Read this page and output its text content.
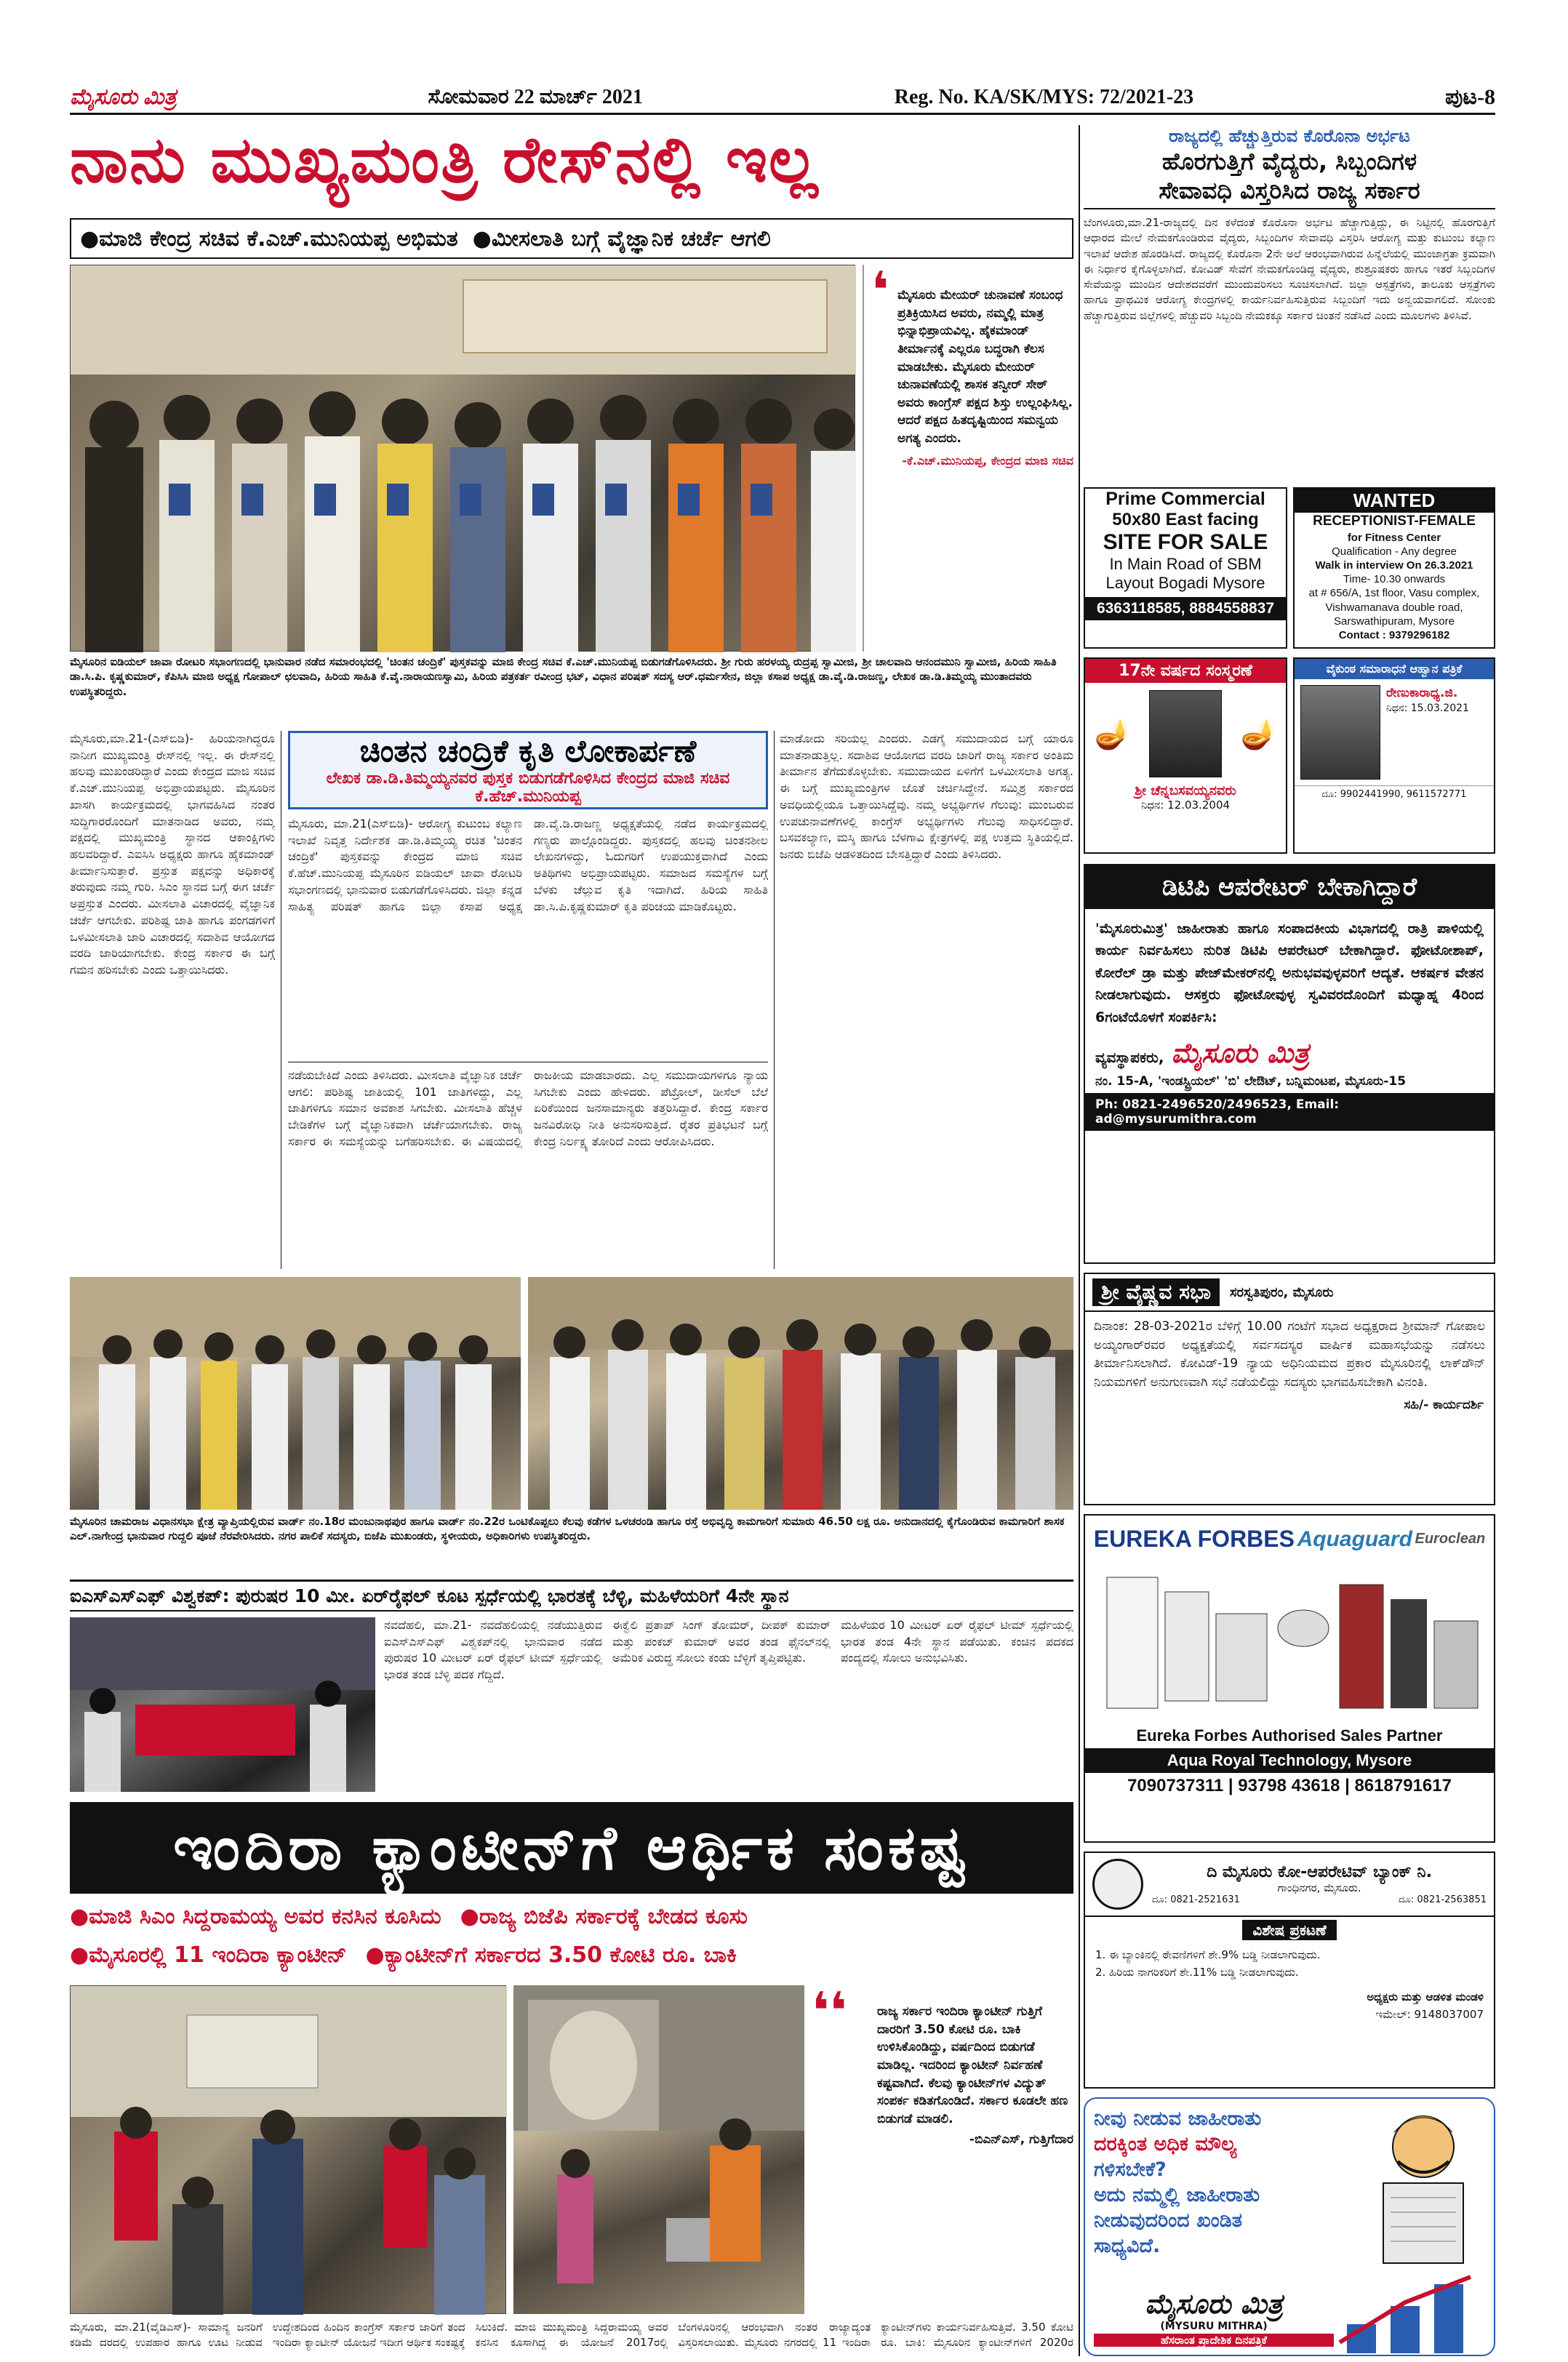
ಮೈಸೂರು ಮಿತ್ರ	ಸೋಮವಾರ 22 ಮಾರ್ಚ್ 2021	Reg. No. KA/SK/MYS: 72/2021-23	ಪುಟ-8
ನಾನು ಮುಖ್ಯಮಂತ್ರಿ ರೇಸ್‌ನಲ್ಲಿ ಇಲ್ಲ
●ಮಾಜಿ ಕೇಂದ್ರ ಸಚಿವ ಕೆ.ಎಚ್.ಮುನಿಯಪ್ಪ ಅಭಿಮತ ●ಮೀಸಲಾತಿ ಬಗ್ಗೆ ವೈಜ್ಞಾನಿಕ ಚರ್ಚೆ ಆಗಲಿ
ಮೈಸೂರಿನ ಐಡಿಯಲ್ ಜಾವಾ ರೋಟರಿ ಸಭಾಂಗಣದಲ್ಲಿ ಭಾನುವಾರ ನಡೆದ ಸಮಾರಂಭದಲ್ಲಿ 'ಚಿಂತನ ಚಂದ್ರಿಕೆ' ಪುಸ್ತಕವನ್ನು ಮಾಜಿ ಕೇಂದ್ರ ಸಚಿವ ಕೆ.ಎಚ್.ಮುನಿಯಪ್ಪ ಬಿಡುಗಡೆಗೊಳಿಸಿದರು. ಶ್ರೀ ಗುರು ಹರಳಯ್ಯ ರುದ್ರಪ್ಪ ಸ್ವಾಮೀಜಿ, ಶ್ರೀ ಚಾಲವಾದಿ ಆನಂದಮುನಿ ಸ್ವಾಮೀಜಿ, ಹಿರಿಯ ಸಾಹಿತಿ ಡಾ.ಸಿ.ಪಿ. ಕೃಷ್ಣಕುಮಾರ್, ಕೆಪಿಸಿಸಿ ಮಾಜಿ ಅಧ್ಯಕ್ಷ ಗೋಪಾಲ್ ಛಲವಾದಿ, ಹಿರಿಯ ಸಾಹಿತಿ ಕೆ.ವೈ.ನಾರಾಯಣಸ್ವಾಮಿ, ಹಿರಿಯ ಪತ್ರಕರ್ತ ರವೀಂದ್ರ ಭಟ್, ವಿಧಾನ ಪರಿಷತ್ ಸದಸ್ಯ ಆರ್.ಧರ್ಮಸೇನ, ಜಿಲ್ಲಾ ಕಸಾಪ ಅಧ್ಯಕ್ಷ ಡಾ.ವೈ.ಡಿ.ರಾಜಣ್ಣ, ಲೇಖಕ ಡಾ.ಡಿ.ತಿಮ್ಮಯ್ಯ ಮುಂತಾದವರು ಉಪಸ್ಥಿತರಿದ್ದರು.
❛ ಮೈಸೂರು ಮೇಯರ್ ಚುನಾವಣೆ ಸಂಬಂಧ ಪ್ರತಿಕ್ರಿಯಿಸಿದ ಅವರು, ನಮ್ಮಲ್ಲಿ ಮಾತ್ರ ಭಿನ್ನಾಭಿಪ್ರಾಯವಿಲ್ಲ. ಹೈಕಮಾಂಡ್ ತೀರ್ಮಾನಕ್ಕೆ ಎಲ್ಲರೂ ಬದ್ಧರಾಗಿ ಕೆಲಸ ಮಾಡಬೇಕು. ಮೈಸೂರು ಮೇಯರ್ ಚುನಾವಣೆಯಲ್ಲಿ ಶಾಸಕ ತನ್ವೀರ್ ಸೇಠ್ ಅವರು ಕಾಂಗ್ರೆಸ್ ಪಕ್ಷದ ಶಿಸ್ತು ಉಲ್ಲಂಘಿಸಿಲ್ಲ. ಆದರೆ ಪಕ್ಷದ ಹಿತದೃಷ್ಟಿಯಿಂದ ಸಮನ್ವಯ ಅಗತ್ಯ ಎಂದರು.
-ಕೆ.ಎಚ್.ಮುನಿಯಪ್ಪ, ಕೇಂದ್ರದ ಮಾಜಿ ಸಚಿವ
ಮೈಸೂರು,ಮಾ.21-(ಎಸ್‌ಬಿಡಿ)- ಹಿರಿಯನಾಗಿದ್ದರೂ ನಾನೀಗ ಮುಖ್ಯಮಂತ್ರಿ ರೇಸ್‌ನಲ್ಲಿ ಇಲ್ಲ. ಈ ರೇಸ್‌ನಲ್ಲಿ ಹಲವು ಮುಖಂಡರಿದ್ದಾರೆ ಎಂದು ಕೇಂದ್ರದ ಮಾಜಿ ಸಚಿವ ಕೆ.ಎಚ್.ಮುನಿಯಪ್ಪ ಅಭಿಪ್ರಾಯಪಟ್ಟರು. ಮೈಸೂರಿನ ಖಾಸಗಿ ಕಾರ್ಯಕ್ರಮದಲ್ಲಿ ಭಾಗವಹಿಸಿದ ನಂತರ ಸುದ್ದಿಗಾರರೊಂದಿಗೆ ಮಾತನಾಡಿದ ಅವರು, ನಮ್ಮ ಪಕ್ಷದಲ್ಲಿ ಮುಖ್ಯಮಂತ್ರಿ ಸ್ಥಾನದ ಆಕಾಂಕ್ಷಿಗಳು ಹಲವರಿದ್ದಾರೆ. ಎಐಸಿಸಿ ಅಧ್ಯಕ್ಷರು ಹಾಗೂ ಹೈಕಮಾಂಡ್ ತೀರ್ಮಾನಿಸುತ್ತಾರೆ. ಪ್ರಸ್ತುತ ಪಕ್ಷವನ್ನು ಅಧಿಕಾರಕ್ಕೆ ತರುವುದು ನಮ್ಮ ಗುರಿ. ಸಿಎಂ ಸ್ಥಾನದ ಬಗ್ಗೆ ಈಗ ಚರ್ಚೆ ಅಪ್ರಸ್ತುತ ಎಂದರು. ಮೀಸಲಾತಿ ವಿಚಾರದಲ್ಲಿ ವೈಜ್ಞಾನಿಕ ಚರ್ಚೆ ಆಗಬೇಕು. ಪರಿಶಿಷ್ಟ ಜಾತಿ ಹಾಗೂ ಪಂಗಡಗಳಿಗೆ ಒಳಮೀಸಲಾತಿ ಜಾರಿ ವಿಚಾರದಲ್ಲಿ ಸದಾಶಿವ ಆಯೋಗದ ವರದಿ ಜಾರಿಯಾಗಬೇಕು. ಕೇಂದ್ರ ಸರ್ಕಾರ ಈ ಬಗ್ಗೆ ಗಮನ ಹರಿಸಬೇಕು ಎಂದು ಒತ್ತಾಯಿಸಿದರು.
ಚಿಂತನ ಚಂದ್ರಿಕೆ ಕೃತಿ ಲೋಕಾರ್ಪಣೆ
ಲೇಖಕ ಡಾ.ಡಿ.ತಿಮ್ಮಯ್ಯನವರ ಪುಸ್ತಕ ಬಿಡುಗಡೆಗೊಳಿಸಿದ ಕೇಂದ್ರದ ಮಾಜಿ ಸಚಿವ ಕೆ.ಹೆಚ್.ಮುನಿಯಪ್ಪ
ಮೈಸೂರು, ಮಾ.21(ಎಸ್‌ಬಿಡಿ)- ಆರೋಗ್ಯ ಕುಟುಂಬ ಕಲ್ಯಾಣ ಇಲಾಖೆ ನಿವೃತ್ತ ನಿರ್ದೇಶಕ ಡಾ.ಡಿ.ತಿಮ್ಮಯ್ಯ ರಚಿತ 'ಚಿಂತನ ಚಂದ್ರಿಕೆ' ಪುಸ್ತಕವನ್ನು ಕೇಂದ್ರದ ಮಾಜಿ ಸಚಿವ ಕೆ.ಹೆಚ್.ಮುನಿಯಪ್ಪ ಮೈಸೂರಿನ ಐಡಿಯಲ್ ಜಾವಾ ರೋಟರಿ ಸಭಾಂಗಣದಲ್ಲಿ ಭಾನುವಾರ ಬಿಡುಗಡೆಗೊಳಿಸಿದರು. ಜಿಲ್ಲಾ ಕನ್ನಡ ಸಾಹಿತ್ಯ ಪರಿಷತ್ ಹಾಗೂ ಜಿಲ್ಲಾ ಕಸಾಪ ಅಧ್ಯಕ್ಷ ಡಾ.ವೈ.ಡಿ.ರಾಜಣ್ಣ ಅಧ್ಯಕ್ಷತೆಯಲ್ಲಿ ನಡೆದ ಕಾರ್ಯಕ್ರಮದಲ್ಲಿ ಗಣ್ಯರು ಪಾಲ್ಗೊಂಡಿದ್ದರು. ಪುಸ್ತಕದಲ್ಲಿ ಹಲವು ಚಿಂತನಶೀಲ ಲೇಖನಗಳಿದ್ದು, ಓದುಗರಿಗೆ ಉಪಯುಕ್ತವಾಗಿದೆ ಎಂದು ಅತಿಥಿಗಳು ಅಭಿಪ್ರಾಯಪಟ್ಟರು. ಸಮಾಜದ ಸಮಸ್ಯೆಗಳ ಬಗ್ಗೆ ಬೆಳಕು ಚೆಲ್ಲುವ ಕೃತಿ ಇದಾಗಿದೆ. ಹಿರಿಯ ಸಾಹಿತಿ ಡಾ.ಸಿ.ಪಿ.ಕೃಷ್ಣಕುಮಾರ್ ಕೃತಿ ಪರಿಚಯ ಮಾಡಿಕೊಟ್ಟರು.
ನಡೆಯಬೇಕಿದೆ ಎಂದು ತಿಳಿಸಿದರು. ಮೀಸಲಾತಿ ವೈಜ್ಞಾನಿಕ ಚರ್ಚೆ ಆಗಲಿ: ಪರಿಶಿಷ್ಟ ಜಾತಿಯಲ್ಲಿ 101 ಜಾತಿಗಳಿದ್ದು, ಎಲ್ಲ ಜಾತಿಗಳಿಗೂ ಸಮಾನ ಅವಕಾಶ ಸಿಗಬೇಕು. ಮೀಸಲಾತಿ ಹೆಚ್ಚಳ ಬೇಡಿಕೆಗಳ ಬಗ್ಗೆ ವೈಜ್ಞಾನಿಕವಾಗಿ ಚರ್ಚೆಯಾಗಬೇಕು. ರಾಜ್ಯ ಸರ್ಕಾರ ಈ ಸಮಸ್ಯೆಯನ್ನು ಬಗೆಹರಿಸಬೇಕು. ಈ ವಿಷಯದಲ್ಲಿ ರಾಜಕೀಯ ಮಾಡಬಾರದು. ಎಲ್ಲ ಸಮುದಾಯಗಳಿಗೂ ನ್ಯಾಯ ಸಿಗಬೇಕು ಎಂದು ಹೇಳಿದರು. ಪೆಟ್ರೋಲ್, ಡೀಸೆಲ್ ಬೆಲೆ ಏರಿಕೆಯಿಂದ ಜನಸಾಮಾನ್ಯರು ತತ್ತರಿಸಿದ್ದಾರೆ. ಕೇಂದ್ರ ಸರ್ಕಾರ ಜನವಿರೋಧಿ ನೀತಿ ಅನುಸರಿಸುತ್ತಿದೆ. ರೈತರ ಪ್ರತಿಭಟನೆ ಬಗ್ಗೆ ಕೇಂದ್ರ ನಿರ್ಲಕ್ಷ್ಯ ತೋರಿದೆ ಎಂದು ಆರೋಪಿಸಿದರು.
ಮಾಡೋದು ಸರಿಯಲ್ಲ ಎಂದರು. ಎಡಗೈ ಸಮುದಾಯದ ಬಗ್ಗೆ ಯಾರೂ ಮಾತನಾಡುತ್ತಿಲ್ಲ. ಸದಾಶಿವ ಆಯೋಗದ ವರದಿ ಜಾರಿಗೆ ರಾಜ್ಯ ಸರ್ಕಾರ ಅಂತಿಮ ತೀರ್ಮಾನ ತೆಗೆದುಕೊಳ್ಳಬೇಕು. ಸಮುದಾಯದ ಏಳಿಗೆಗೆ ಒಳಮೀಸಲಾತಿ ಅಗತ್ಯ. ಈ ಬಗ್ಗೆ ಮುಖ್ಯಮಂತ್ರಿಗಳ ಜೊತೆ ಚರ್ಚಿಸಿದ್ದೇನೆ. ಸಮ್ಮಿಶ್ರ ಸರ್ಕಾರದ ಅವಧಿಯಲ್ಲಿಯೂ ಒತ್ತಾಯಿಸಿದ್ದೆವು. ನಮ್ಮ ಅಭ್ಯರ್ಥಿಗಳ ಗೆಲುವು: ಮುಂಬರುವ ಉಪಚುನಾವಣೆಗಳಲ್ಲಿ ಕಾಂಗ್ರೆಸ್ ಅಭ್ಯರ್ಥಿಗಳು ಗೆಲುವು ಸಾಧಿಸಲಿದ್ದಾರೆ. ಬಸವಕಲ್ಯಾಣ, ಮಸ್ಕಿ ಹಾಗೂ ಬೆಳಗಾವಿ ಕ್ಷೇತ್ರಗಳಲ್ಲಿ ಪಕ್ಷ ಉತ್ತಮ ಸ್ಥಿತಿಯಲ್ಲಿದೆ. ಜನರು ಬಿಜೆಪಿ ಆಡಳಿತದಿಂದ ಬೇಸತ್ತಿದ್ದಾರೆ ಎಂದು ತಿಳಿಸಿದರು.
ಮೈಸೂರಿನ ಚಾಮರಾಜ ವಿಧಾನಸಭಾ ಕ್ಷೇತ್ರ ವ್ಯಾಪ್ತಿಯಲ್ಲಿರುವ ವಾರ್ಡ್ ನಂ.18ರ ಮಂಜುನಾಥಪುರ ಹಾಗೂ ವಾರ್ಡ್ ನಂ.22ರ ಒಂಟಿಕೊಪ್ಪಲು ಕೆಲವು ಕಡೆಗಳ ಒಳಚರಂಡಿ ಹಾಗೂ ರಸ್ತೆ ಅಭಿವೃದ್ಧಿ ಕಾಮಗಾರಿಗೆ ಸುಮಾರು 46.50 ಲಕ್ಷ ರೂ. ಅನುದಾನದಲ್ಲಿ ಕೈಗೊಂಡಿರುವ ಕಾಮಗಾರಿಗೆ ಶಾಸಕ ಎಲ್.ನಾಗೇಂದ್ರ ಭಾನುವಾರ ಗುದ್ದಲಿ ಪೂಜೆ ನೆರವೇರಿಸಿದರು. ನಗರ ಪಾಲಿಕೆ ಸದಸ್ಯರು, ಬಿಜೆಪಿ ಮುಖಂಡರು, ಸ್ಥಳೀಯರು, ಅಧಿಕಾರಿಗಳು ಉಪಸ್ಥಿತರಿದ್ದರು.
ಐಎಸ್‌ಎಸ್‌ಎಫ್ ವಿಶ್ವಕಪ್: ಪುರುಷರ 10 ಮೀ. ಏರ್‌ರೈಫಲ್ ಕೂಟ ಸ್ಪರ್ಧೆಯಲ್ಲಿ ಭಾರತಕ್ಕೆ ಬೆಳ್ಳಿ, ಮಹಿಳೆಯರಿಗೆ 4ನೇ ಸ್ಥಾನ
ನವದೆಹಲಿ, ಮಾ.21- ನವದೆಹಲಿಯಲ್ಲಿ ನಡೆಯುತ್ತಿರುವ ಐಎಸ್‌ಎಸ್‌ಎಫ್ ವಿಶ್ವಕಪ್‌ನಲ್ಲಿ ಭಾನುವಾರ ನಡೆದ ಪುರುಷರ 10 ಮೀಟರ್ ಏರ್ ರೈಫಲ್ ಟೀಮ್ ಸ್ಪರ್ಧೆಯಲ್ಲಿ ಭಾರತ ತಂಡ ಬೆಳ್ಳಿ ಪದಕ ಗೆದ್ದಿದೆ.
ಈಕ್ವೆಲಿ ಪ್ರತಾಪ್ ಸಿಂಗ್ ತೋಮರ್, ದೀಪಕ್ ಕುಮಾರ್ ಮತ್ತು ಪಂಕಜ್ ಕುಮಾರ್ ಅವರ ತಂಡ ಫೈನಲ್‌ನಲ್ಲಿ ಅಮೆರಿಕ ವಿರುದ್ಧ ಸೋಲು ಕಂಡು ಬೆಳ್ಳಿಗೆ ತೃಪ್ತಿಪಟ್ಟಿತು.
ಮಹಿಳೆಯರ 10 ಮೀಟರ್ ಏರ್ ರೈಫಲ್ ಟೀಮ್ ಸ್ಪರ್ಧೆಯಲ್ಲಿ ಭಾರತ ತಂಡ 4ನೇ ಸ್ಥಾನ ಪಡೆಯಿತು. ಕಂಚಿನ ಪದಕದ ಪಂದ್ಯದಲ್ಲಿ ಸೋಲು ಅನುಭವಿಸಿತು.
ಇಂದಿರಾ ಕ್ಯಾಂಟೀನ್‌ಗೆ ಆರ್ಥಿಕ ಸಂಕಷ್ಟ
●ಮಾಜಿ ಸಿಎಂ ಸಿದ್ದರಾಮಯ್ಯ ಅವರ ಕನಸಿನ ಕೂಸಿದು ●ರಾಜ್ಯ ಬಿಜೆಪಿ ಸರ್ಕಾರಕ್ಕೆ ಬೇಡದ ಕೂಸು
●ಮೈಸೂರಲ್ಲಿ 11 ಇಂದಿರಾ ಕ್ಯಾಂಟೀನ್ ●ಕ್ಯಾಂಟೀನ್‌ಗೆ ಸರ್ಕಾರದ 3.50 ಕೋಟಿ ರೂ. ಬಾಕಿ
❛❛	ರಾಜ್ಯ ಸರ್ಕಾರ ಇಂದಿರಾ ಕ್ಯಾಂಟೀನ್ ಗುತ್ತಿಗೆ ದಾರರಿಗೆ 3.50 ಕೋಟಿ ರೂ. ಬಾಕಿ ಉಳಿಸಿಕೊಂಡಿದ್ದು, ವರ್ಷದಿಂದ ಬಿಡುಗಡೆ ಮಾಡಿಲ್ಲ. ಇದರಿಂದ ಕ್ಯಾಂಟೀನ್ ನಿರ್ವಹಣೆ ಕಷ್ಟವಾಗಿದೆ. ಕೆಲವು ಕ್ಯಾಂಟೀನ್‌ಗಳ ವಿದ್ಯುತ್ ಸಂಪರ್ಕ ಕಡಿತಗೊಂಡಿದೆ. ಸರ್ಕಾರ ಕೂಡಲೇ ಹಣ ಬಿಡುಗಡೆ ಮಾಡಲಿ.
-ಬಿಎನ್‌ಎಸ್, ಗುತ್ತಿಗೆದಾರ
ಮೈಸೂರು, ಮಾ.21(ವೈಡಿಎಸ್)- ಸಾಮಾನ್ಯ ಜನರಿಗೆ ಕಡಿಮೆ ದರದಲ್ಲಿ ಉಪಹಾರ ಹಾಗೂ ಊಟ ನೀಡುವ ಉದ್ದೇಶದಿಂದ ಹಿಂದಿನ ಕಾಂಗ್ರೆಸ್ ಸರ್ಕಾರ ಜಾರಿಗೆ ತಂದ ಇಂದಿರಾ ಕ್ಯಾಂಟೀನ್ ಯೋಜನೆ ಇದೀಗ ಆರ್ಥಿಕ ಸಂಕಷ್ಟಕ್ಕೆ ಸಿಲುಕಿದೆ. ಮಾಜಿ ಮುಖ್ಯಮಂತ್ರಿ ಸಿದ್ದರಾಮಯ್ಯ ಅವರ ಕನಸಿನ ಕೂಸಾಗಿದ್ದ ಈ ಯೋಜನೆ 2017ರಲ್ಲಿ ಬೆಂಗಳೂರಿನಲ್ಲಿ ಆರಂಭವಾಗಿ ನಂತರ ರಾಜ್ಯಾದ್ಯಂತ ವಿಸ್ತರಿಸಲಾಯಿತು. ಮೈಸೂರು ನಗರದಲ್ಲಿ 11 ಇಂದಿರಾ ಕ್ಯಾಂಟೀನ್‌ಗಳು ಕಾರ್ಯನಿರ್ವಹಿಸುತ್ತಿವೆ. 3.50 ಕೋಟಿ ರೂ. ಬಾಕಿ: ಮೈಸೂರಿನ ಕ್ಯಾಂಟೀನ್‌ಗಳಿಗೆ 2020ರ
ರಾಜ್ಯದಲ್ಲಿ ಹೆಚ್ಚುತ್ತಿರುವ ಕೊರೊನಾ ಅರ್ಭಟ
ಹೊರಗುತ್ತಿಗೆ ವೈದ್ಯರು, ಸಿಬ್ಬಂದಿಗಳ
ಸೇವಾವಧಿ ವಿಸ್ತರಿಸಿದ ರಾಜ್ಯ ಸರ್ಕಾರ
ಬೆಂಗಳೂರು,ಮಾ.21-ರಾಜ್ಯದಲ್ಲಿ ದಿನ ಕಳೆದಂತೆ ಕೊರೊನಾ ಅರ್ಭಟ ಹೆಚ್ಚಾಗುತ್ತಿದ್ದು, ಈ ನಿಟ್ಟಿನಲ್ಲಿ ಹೊರಗುತ್ತಿಗೆ ಆಧಾರದ ಮೇಲೆ ನೇಮಕಗೊಂಡಿರುವ ವೈದ್ಯರು, ಸಿಬ್ಬಂದಿಗಳ ಸೇವಾವಧಿ ವಿಸ್ತರಿಸಿ ಆರೋಗ್ಯ ಮತ್ತು ಕುಟುಂಬ ಕಲ್ಯಾಣ ಇಲಾಖೆ ಆದೇಶ ಹೊರಡಿಸಿದೆ. ರಾಜ್ಯದಲ್ಲಿ ಕೊರೊನಾ 2ನೇ ಅಲೆ ಆರಂಭವಾಗಿರುವ ಹಿನ್ನೆಲೆಯಲ್ಲಿ ಮುಂಜಾಗ್ರತಾ ಕ್ರಮವಾಗಿ ಈ ನಿರ್ಧಾರ ಕೈಗೊಳ್ಳಲಾಗಿದೆ. ಕೋವಿಡ್ ಸೇವೆಗೆ ನೇಮಕಗೊಂಡಿದ್ದ ವೈದ್ಯರು, ಶುಶ್ರೂಷಕರು ಹಾಗೂ ಇತರೆ ಸಿಬ್ಬಂದಿಗಳ ಸೇವೆಯನ್ನು ಮುಂದಿನ ಆದೇಶದವರೆಗೆ ಮುಂದುವರಿಸಲು ಸೂಚಿಸಲಾಗಿದೆ. ಜಿಲ್ಲಾ ಆಸ್ಪತ್ರೆಗಳು, ತಾಲೂಕು ಆಸ್ಪತ್ರೆಗಳು ಹಾಗೂ ಪ್ರಾಥಮಿಕ ಆರೋಗ್ಯ ಕೇಂದ್ರಗಳಲ್ಲಿ ಕಾರ್ಯನಿರ್ವಹಿಸುತ್ತಿರುವ ಸಿಬ್ಬಂದಿಗೆ ಇದು ಅನ್ವಯವಾಗಲಿದೆ. ಸೋಂಕು ಹೆಚ್ಚಾಗುತ್ತಿರುವ ಜಿಲ್ಲೆಗಳಲ್ಲಿ ಹೆಚ್ಚುವರಿ ಸಿಬ್ಬಂದಿ ನೇಮಕಕ್ಕೂ ಸರ್ಕಾರ ಚಿಂತನೆ ನಡೆಸಿದೆ ಎಂದು ಮೂಲಗಳು ತಿಳಿಸಿವೆ.
Prime Commercial
50x80 East facing
SITE FOR SALE
In Main Road of SBM
Layout Bogadi Mysore
6363118585, 8884558837
WANTED
RECEPTIONIST-FEMALE
for Fitness Center
Qualification - Any degree
Walk in interview On 26.3.2021
Time- 10.30 onwards
at # 656/A, 1st floor, Vasu complex,
Vishwamanava double road,
Sarswathipuram, Mysore
Contact : 9379296182
17ನೇ ವರ್ಷದ ಸಂಸ್ಮರಣೆ
🪔	🪔
ಶ್ರೀ ಚೆನ್ನಬಸವಯ್ಯನವರು
ನಿಧನ: 12.03.2004
ವೈಕುಂಠ ಸಮಾರಾಧನೆ ಆಹ್ವಾನ ಪತ್ರಿಕೆ
ರೇಣುಕಾರಾಧ್ಯ.ಜಿ.
ನಿಧನ: 15.03.2021
ದೂ: 9902441990, 9611572771
ಡಿಟಿಪಿ ಆಪರೇಟರ್ ಬೇಕಾಗಿದ್ದಾರೆ
'ಮೈಸೂರುಮಿತ್ರ' ಜಾಹೀರಾತು ಹಾಗೂ ಸಂಪಾದಕೀಯ ವಿಭಾಗದಲ್ಲಿ ರಾತ್ರಿ ಪಾಳಿಯಲ್ಲಿ ಕಾರ್ಯ ನಿರ್ವಹಿಸಲು ನುರಿತ ಡಿಟಿಪಿ ಆಪರೇಟರ್ ಬೇಕಾಗಿದ್ದಾರೆ. ಫೋಟೋಶಾಪ್, ಕೋರೆಲ್ ಡ್ರಾ ಮತ್ತು ಪೇಜ್‌ಮೇಕರ್‌ನಲ್ಲಿ ಅನುಭವವುಳ್ಳವರಿಗೆ ಆದ್ಯತೆ. ಆಕರ್ಷಕ ವೇತನ ನೀಡಲಾಗುವುದು. ಆಸಕ್ತರು ಫೋಟೋವುಳ್ಳ ಸ್ವವಿವರದೊಂದಿಗೆ ಮಧ್ಯಾಹ್ನ 4ರಿಂದ 6ಗಂಟೆಯೊಳಗೆ ಸಂಪರ್ಕಿಸಿ:
ವ್ಯವಸ್ಥಾಪಕರು, ಮೈಸೂರು ಮಿತ್ರ
ನಂ. 15-A, 'ಇಂಡಸ್ಟ್ರಿಯಲ್' 'ಬಿ' ಲೇಔಟ್, ಬನ್ನಿಮಂಟಪ, ಮೈಸೂರು-15
Ph: 0821-2496520/2496523, Email: ad@mysurumithra.com
ಶ್ರೀ ವೈಷ್ಣವ ಸಭಾ	ಸರಸ್ವತಿಪುರಂ, ಮೈಸೂರು
ದಿನಾಂಕ: 28-03-2021ರ ಬೆಳಿಗ್ಗೆ 10.00 ಗಂಟೆಗೆ ಸಭಾದ ಅಧ್ಯಕ್ಷರಾದ ಶ್ರೀಮಾನ್ ಗೋಪಾಲ ಅಯ್ಯಂಗಾರ್‌ರವರ ಅಧ್ಯಕ್ಷತೆಯಲ್ಲಿ ಸರ್ವಸದಸ್ಯರ ವಾರ್ಷಿಕ ಮಹಾಸಭೆಯನ್ನು ನಡೆಸಲು ತೀರ್ಮಾನಿಸಲಾಗಿದೆ. ಕೋವಿಡ್-19 ನ್ಯಾಯ ಅಧಿನಿಯಮದ ಪ್ರಕಾರ ಮೈಸೂರಿನಲ್ಲಿ ಲಾಕ್‌ಡೌನ್ ನಿಯಮಗಳಿಗೆ ಅನುಗುಣವಾಗಿ ಸಭೆ ನಡೆಯಲಿದ್ದು ಸದಸ್ಯರು ಭಾಗವಹಿಸಬೇಕಾಗಿ ವಿನಂತಿ.
ಸಹಿ/- ಕಾರ್ಯದರ್ಶಿ
EUREKA FORBES Aquaguard Euroclean
Eureka Forbes Authorised Sales Partner
Aqua Royal Technology, Mysore
7090737311 | 93798 43618 | 8618791617
ದಿ ಮೈಸೂರು ಕೋ-ಆಪರೇಟಿವ್ ಬ್ಯಾಂಕ್ ನಿ.
ಗಾಂಧಿನಗರ, ಮೈಸೂರು.
ದೂ: 0821-2521631	ದೂ: 0821-2563851
ವಿಶೇಷ ಪ್ರಕಟಣೆ
1. ಈ ಬ್ಯಾಂಕಿನಲ್ಲಿ ಠೇವಣಿಗಳಿಗೆ ಶೇ.9% ಬಡ್ಡಿ ನೀಡಲಾಗುವುದು.
2. ಹಿರಿಯ ನಾಗರಿಕರಿಗೆ ಶೇ.11% ಬಡ್ಡಿ ನೀಡಲಾಗುವುದು.
ಅಧ್ಯಕ್ಷರು ಮತ್ತು ಆಡಳಿತ ಮಂಡಳಿ
ಇಮೇಲ್: 9148037007
ನೀವು ನೀಡುವ ಜಾಹೀರಾತು
ದರಕ್ಕಿಂತ ಅಧಿಕ ಮೌಲ್ಯ
ಗಳಿಸಬೇಕೆ?
ಅದು ನಮ್ಮಲ್ಲಿ ಜಾಹೀರಾತು
ನೀಡುವುದರಿಂದ ಖಂಡಿತ
ಸಾಧ್ಯವಿದೆ.
ಮೈಸೂರು ಮಿತ್ರ
(MYSURU MITHRA)
ಹೆಸರಾಂತ ಪ್ರಾದೇಶಿಕ ದಿನಪತ್ರಿಕೆ
